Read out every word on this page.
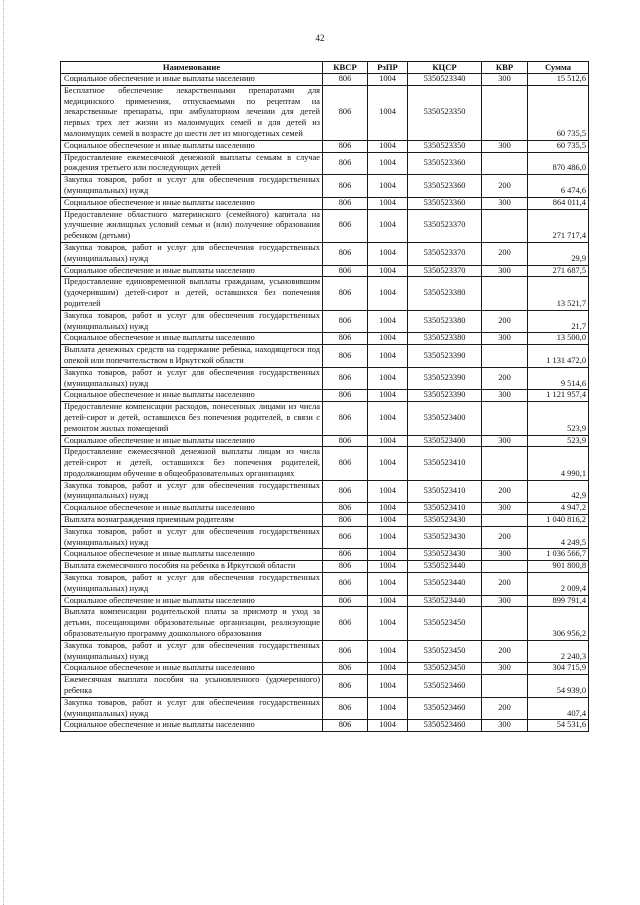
42
Наименование	КВСР	РзПР	КЦСР	КВР	Сумма
Социальное обеспечение и иные выплаты населению	806	1004	5350523340	300	15 512,6
Бесплатное обеспечение лекарственными препаратами для медицинского применения, отпускаемыми по рецептам на лекарственные препараты, при амбулаторном лечении для детей первых трех лет жизни из малоимущих семей и для детей из малоимущих семей в возрасте до шести лет из многодетных семей	806	1004	5350523350		60 735,5
Социальное обеспечение и иные выплаты населению	806	1004	5350523350	300	60 735,5
Предоставление ежемесячной денежной выплаты семьям в случае рождения третьего или последующих детей	806	1004	5350523360		870 486,0
Закупка товаров, работ и услуг для обеспечения государственных (муниципальных) нужд	806	1004	5350523360	200	6 474,6
Социальное обеспечение и иные выплаты населению	806	1004	5350523360	300	864 011,4
Предоставление областного материнского (семейного) капитала на улучшение жилищных условий семьи и (или) получение образования ребенком (детьми)	806	1004	5350523370		271 717,4
Закупка товаров, работ и услуг для обеспечения государственных (муниципальных) нужд	806	1004	5350523370	200	29,9
Социальное обеспечение и иные выплаты населению	806	1004	5350523370	300	271 687,5
Предоставление единовременной выплаты гражданам, усыновившим (удочерившим) детей-сирот и детей, оставшихся без попечения родителей	806	1004	5350523380		13 521,7
Закупка товаров, работ и услуг для обеспечения государственных (муниципальных) нужд	806	1004	5350523380	200	21,7
Социальное обеспечение и иные выплаты населению	806	1004	5350523380	300	13 500,0
Выплата денежных средств на содержание ребенка, находящегося под опекой или попечительством в Иркутской области	806	1004	5350523390		1 131 472,0
Закупка товаров, работ и услуг для обеспечения государственных (муниципальных) нужд	806	1004	5350523390	200	9 514,6
Социальное обеспечение и иные выплаты населению	806	1004	5350523390	300	1 121 957,4
Предоставление компенсации расходов, понесенных лицами из числа детей-сирот и детей, оставшихся без попечения родителей, в связи с ремонтом жилых помещений	806	1004	5350523400		523,9
Социальное обеспечение и иные выплаты населению	806	1004	5350523400	300	523,9
Предоставление ежемесячной денежной выплаты лицам из числа детей-сирот и детей, оставшихся без попечения родителей, продолжающим обучение в общеобразовательных организациях	806	1004	5350523410		4 990,1
Закупка товаров, работ и услуг для обеспечения государственных (муниципальных) нужд	806	1004	5350523410	200	42,9
Социальное обеспечение и иные выплаты населению	806	1004	5350523410	300	4 947,2
Выплата вознаграждения приемным родителям	806	1004	5350523430		1 040 816,2
Закупка товаров, работ и услуг для обеспечения государственных (муниципальных) нужд	806	1004	5350523430	200	4 249,5
Социальное обеспечение и иные выплаты населению	806	1004	5350523430	300	1 036 566,7
Выплата ежемесячного пособия на ребенка в Иркутской области	806	1004	5350523440		901 800,8
Закупка товаров, работ и услуг для обеспечения государственных (муниципальных) нужд	806	1004	5350523440	200	2 009,4
Социальное обеспечение и иные выплаты населению	806	1004	5350523440	300	899 791,4
Выплата компенсации родительской платы за присмотр и уход за детьми, посещающими образовательные организации, реализующие образовательную программу дошкольного образования	806	1004	5350523450		306 956,2
Закупка товаров, работ и услуг для обеспечения государственных (муниципальных) нужд	806	1004	5350523450	200	2 240,3
Социальное обеспечение и иные выплаты населению	806	1004	5350523450	300	304 715,9
Ежемесячная выплата пособия на усыновленного (удочеренного) ребенка	806	1004	5350523460		54 939,0
Закупка товаров, работ и услуг для обеспечения государственных (муниципальных) нужд	806	1004	5350523460	200	407,4
Социальное обеспечение и иные выплаты населению	806	1004	5350523460	300	54 531,6
